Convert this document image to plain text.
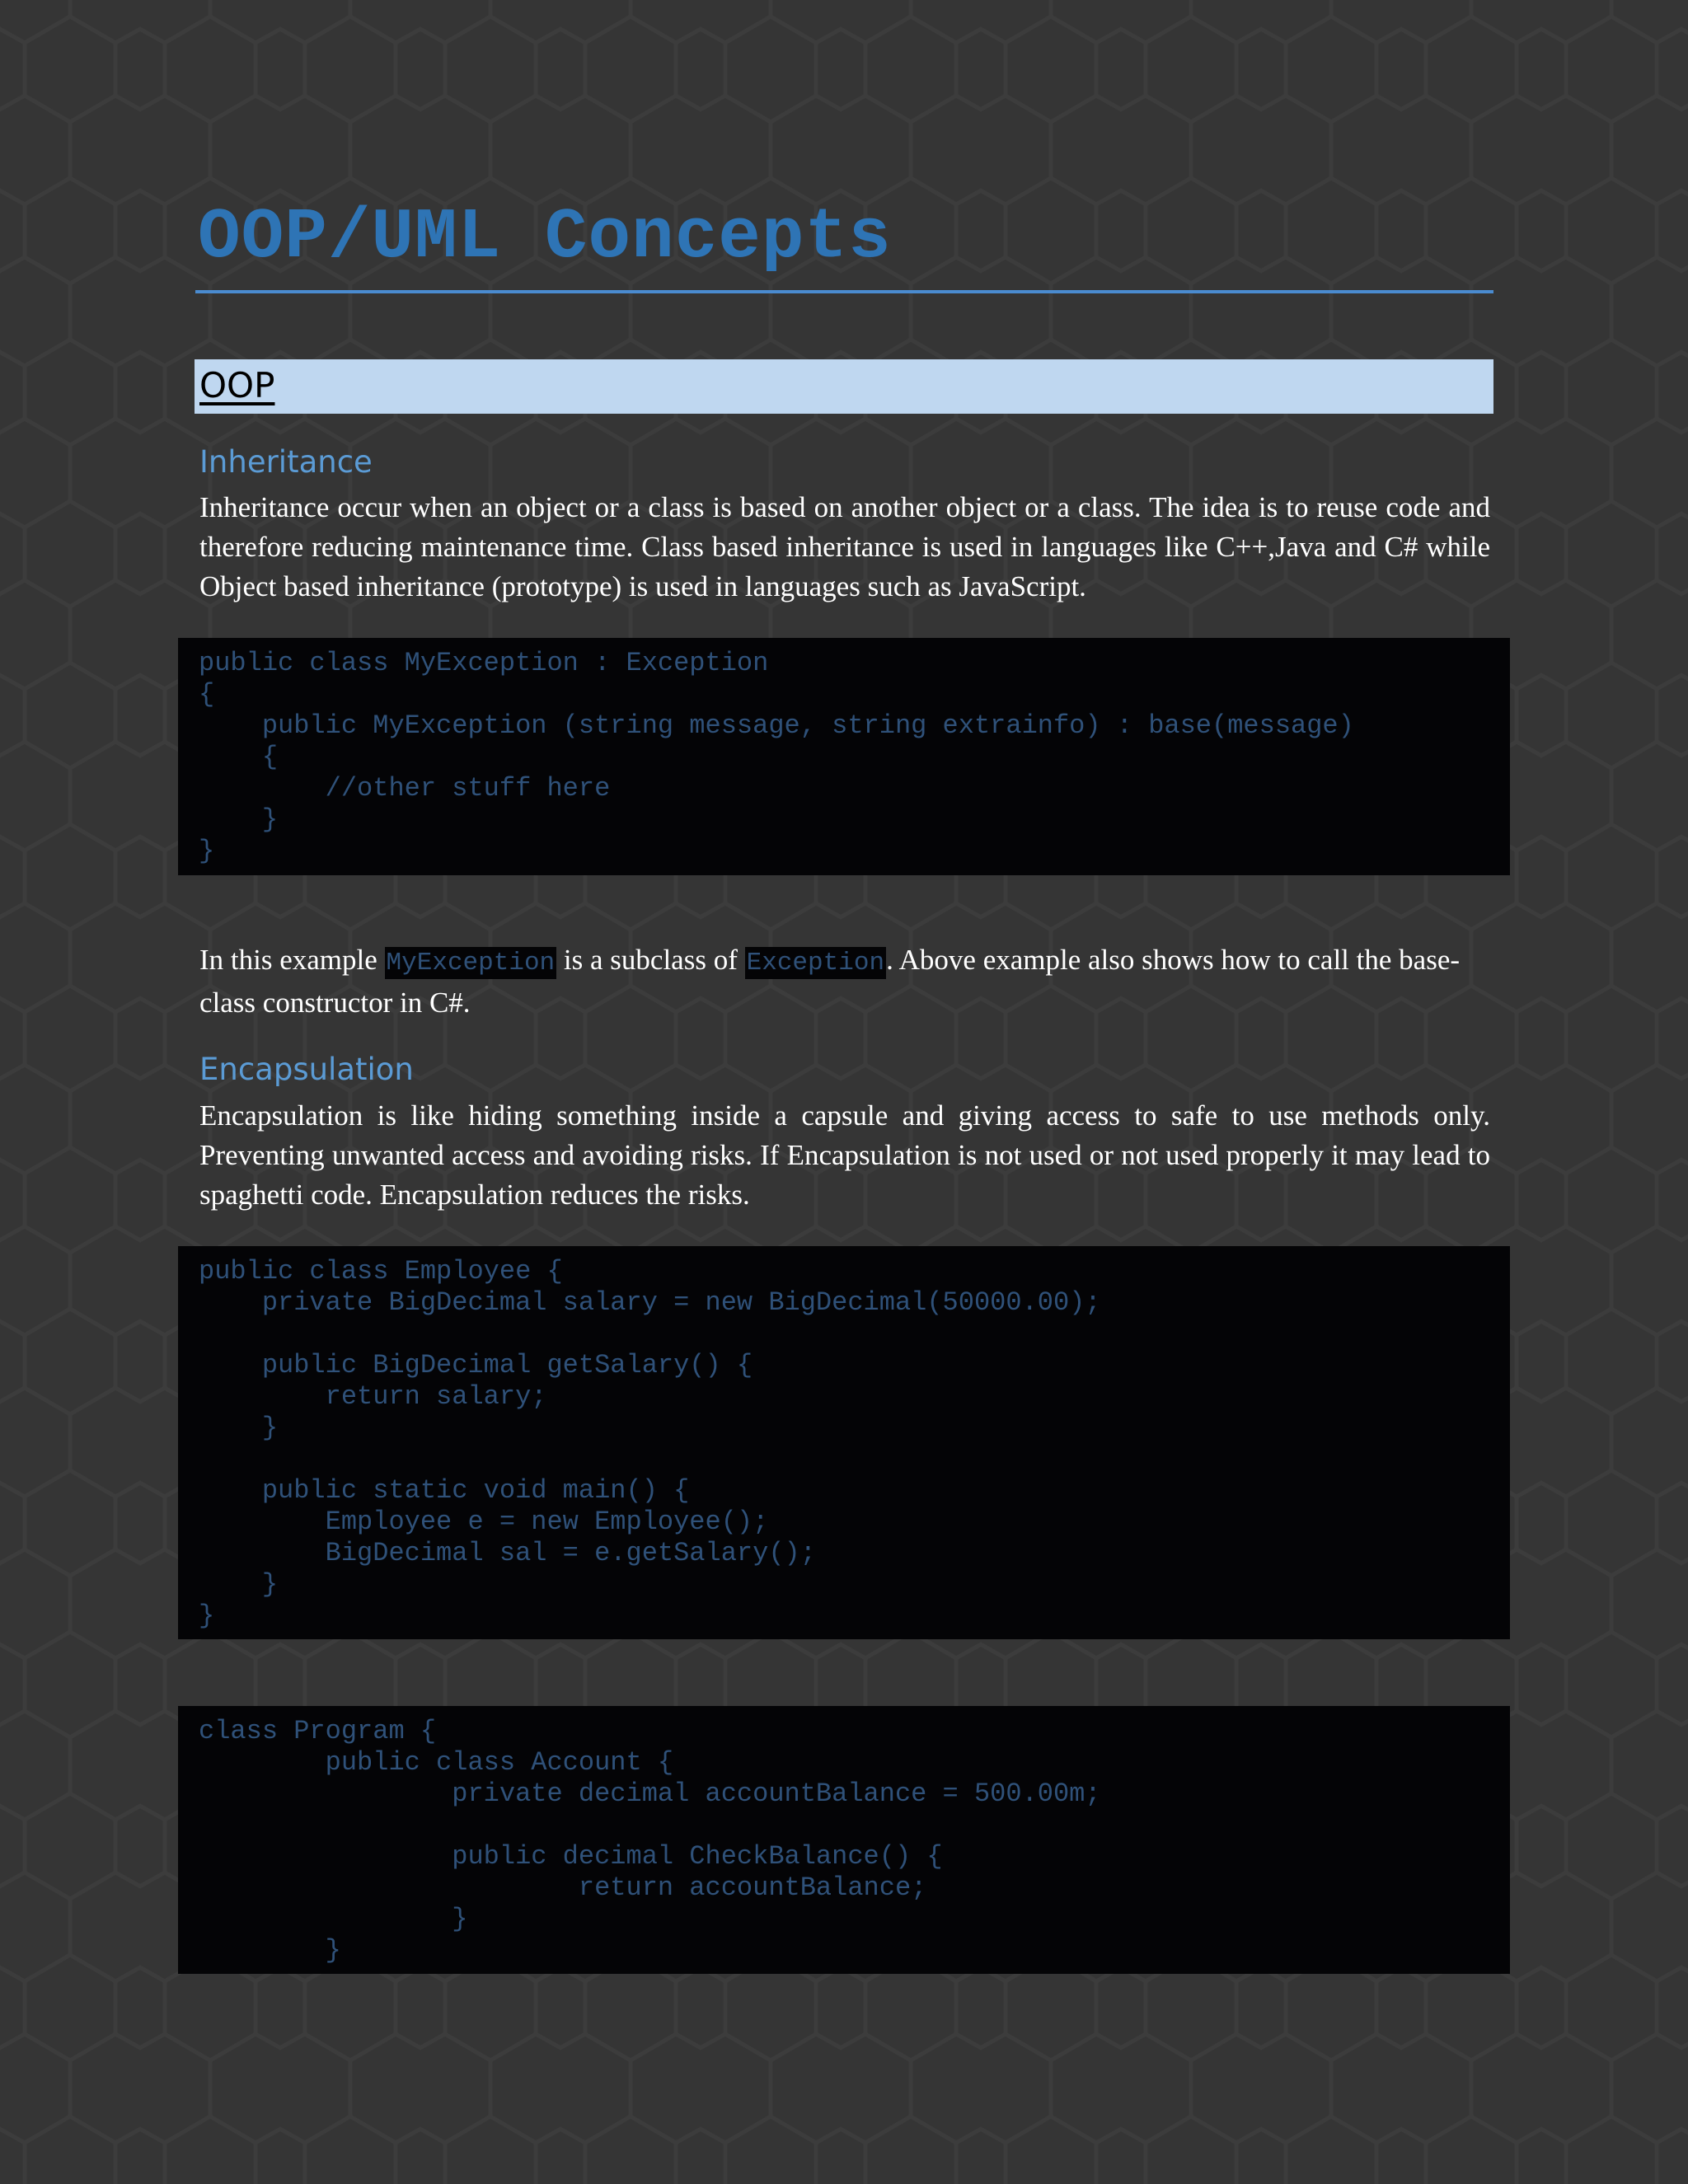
OOP/UML Concepts
OOP
Inheritance

Inheritance occur when an object or a class is based on another object or a class. The idea is to reuse code and therefore reducing maintenance time. Class based inheritance is used in languages like C++,Java and C# while Object based inheritance (prototype) is used in languages such as JavaScript.

public class MyException : Exception
{
public MyException (string message, string extrainfo) : base(message)
{
//other stuff here
}
}

In this example MyException is a subclass of Exception. Above example also shows how to call the base-class constructor in C#.

Encapsulation

Encapsulation is like hiding something inside a capsule and giving access to safe to use methods only. Preventing unwanted access and avoiding risks. If Encapsulation is not used or not used properly it may lead to spaghetti code. Encapsulation reduces the risks.

public class Employee {
private BigDecimal salary = new BigDecimal(50000.00);
public BigDecimal getSalary() {
return salary;
}
public static void main() {
Employee e = new Employee();
BigDecimal sal = e.getSalary();
}
}
class Program {
public class Account {
private decimal accountBalance = 500.00m;
public decimal CheckBalance() {
return accountBalance;
}
}
